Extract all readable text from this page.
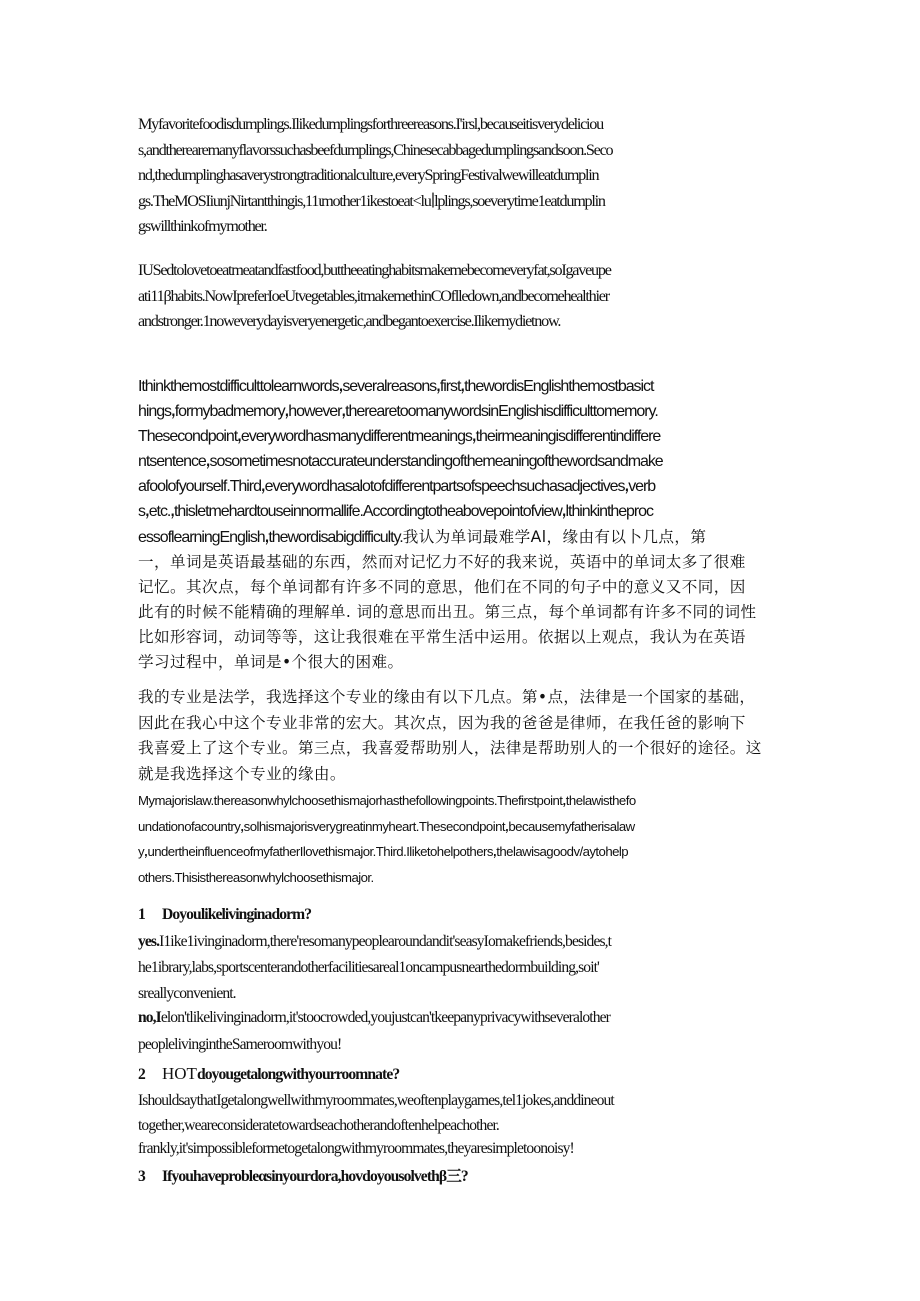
Myfavoritefoodisdumplings.Ilikedumplingsforthreereasons.I'irsl,becauseitisverydeliciou
s,andtherearemanyflavorssuchasbeefdumplings,Chinesecabbagedumplingsandsoon.Seco
nd,thedumplinghasaverystrongtraditionalculture,everySpringFestivalwewilleatdumplin
gs.TheMOSIiunjNirtantthingis,11ιmother1ikestoeat<lu∣lplings,soeverytime1eatdumplin
gswillthinkofmymother.
IUSedtolovetoeatmeatandfastfood,buttheeatinghabitsmakemebecomeveryfat,soIgaveupe
ati11βhabits.NowIpreferIoeUtvegetables,itmakemethinCOflledown,andbecomehealthier
andstronger.1noweverydayisveryenergetic,andbegantoexercise.Ilikemydietnow.
IthinkthemostdifficulttolearnwordsꓹseveralreasonsꓹfirstꓹthewordisEnglishthemostbasict
hingsꓹformybadmemoryꓹhoweverꓹtherearetoomanywordsinEnglishisdifficulttomemory.
Thesecondpointꓹeverywordhasmanydifferentmeaningsꓹtheirmeaningisdifferentindiffere
ntsentenceꓹsosometimesnotaccurateunderstandingofthemeaningofthewordsandmake
afoolofyourself.Thirdꓹeverywordhasalotofdifferentpartsofspeechsuchasadjectivesꓹverb
sꓹetc.ꓹthisletmehardtouseinnormallife.Accordingtotheabovepointofviewꓹlthinkintheproc
essoflearningEnglishꓹthewordisabigdifficulty.我认为单词最难学Al，缘由有以卜几点，第
一，单词是英语最基础的东西，然而对记忆力不好的我来说，英语中的单词太多了很难
记忆。其次点，每个单词都有许多不同的意思，他们在不同的句子中的意义又不同，因
此有的时候不能精确的理解单. 词的意思而出丑。第三点，每个单词都有许多不同的词性
比如形容词，动词等等，这让我很难在平常生活中运用。依据以上观点，我认为在英语
学习过程中，单词是•个很大的困难。
我的专业是法学，我选择这个专业的缘由有以下几点。第•点，法律是一个国家的基础，
因此在我心中这个专业非常的宏大。其次点，因为我的爸爸是律师，在我任爸的影响下
我喜爱上了这个专业。第三点，我喜爱帮助别人，法律是帮助别人的一个很好的途径。这
就是我选择这个专业的缘由。
Mymajorislaw.thereasonwhylchoosethismajorhasthefollowingpoints.Thefirstpointꓹthelawisthefo
undationofacountryꓹsolhismajorisverygreatinmyheart.Thesecondpointꓹbecausemyfatherisalaw
yꓹundertheinfluenceofmyfatherIlovethismajor.Third.Iliketohelpothersꓹthelawisagoodv/aytohelp
others.Thisisthereasonwhylchoosethismajor.
1 Doyoulikelivinginadorm?
yes.I1ike1ivinginadorm,there'resomanypeoplearoundandit'seasyIomakefriends,besides,t
he1ibrary,labs,sportscenterandotherfacilitiesareal1oncampusnearthedormbuilding,soit'
sreallyconvenient.
no,Ielon'tlikelivinginadorm,it'stoocrowded,youjustcan'tkeepanyprivacywithseveralother
peoplelivingintheSameroomwithyou!
2 HOTdoyougetalongwithyourroomnate?
IshouldsaythatIgetalongwellwithmyroommates,weoftenplaygames,tel1jokes,anddineout
together,weareconsideratetowardseachotherandoftenhelpeachother.
frankly,it'simpossibleformetogetalongwithmyroommates,theyaresimpletoonoisy!
3 Ifyouhaveprobleαsinyourdora,hovdoyousolvethβ三?
